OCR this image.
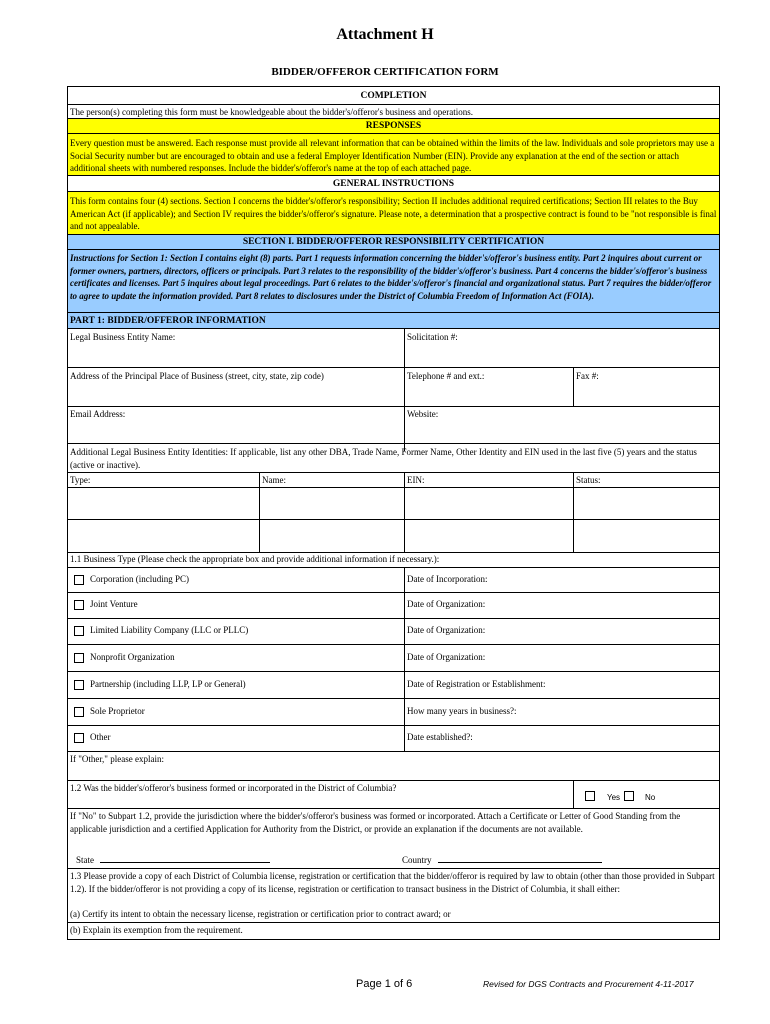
Attachment H
BIDDER/OFFEROR CERTIFICATION FORM
COMPLETION
The person(s) completing this form must be knowledgeable about the bidder's/offeror's business and operations.
RESPONSES
Every question must be answered. Each response must provide all relevant information that can be obtained within the limits of the law. Individuals and sole proprietors may use a Social Security number but are encouraged to obtain and use a federal Employer Identification Number (EIN). Provide any explanation at the end of the section or attach additional sheets with numbered responses. Include the bidder's/offeror's name at the top of each attached page.
GENERAL INSTRUCTIONS
This form contains four (4) sections. Section I concerns the bidder's/offeror's responsibility; Section II includes additional required certifications; Section III relates to the Buy American Act (if applicable); and Section IV requires the bidder's/offeror's signature. Please note, a determination that a prospective contract is found to be "not responsible is final and not appealable.
SECTION I. BIDDER/OFFEROR RESPONSIBILITY CERTIFICATION
Instructions for Section 1: Section I contains eight (8) parts. Part 1 requests information concerning the bidder's/offeror's business entity. Part 2 inquires about current or former owners, partners, directors, officers or principals. Part 3 relates to the responsibility of the bidder's/offeror's business. Part 4 concerns the bidder's/offeror's business certificates and licenses. Part 5 inquires about legal proceedings. Part 6 relates to the bidder's/offeror's financial and organizational status. Part 7 requires the bidder/offeror to agree to update the information provided. Part 8 relates to disclosures under the District of Columbia Freedom of Information Act (FOIA).
PART 1: BIDDER/OFFEROR INFORMATION
Legal Business Entity Name:	Solicitation #:
Address of the Principal Place of Business (street, city, state, zip code)	Telephone # and ext.:	Fax #:
Email Address:	Website:
Additional Legal Business Entity Identities: If applicable, list any other DBA, Trade Name, Former Name, Other Identity and EIN used in the last five (5) years and the status (active or inactive).
Type:	Name:	EIN:	Status:
1.1 Business Type (Please check the appropriate box and provide additional information if necessary.):
If "Other," please explain:
1.2 Was the bidder's/offeror's business formed or incorporated in the District of Columbia?
Yes	No
If "No" to Subpart 1.2, provide the jurisdiction where the bidder's/offeror's business was formed or incorporated. Attach a Certificate or Letter of Good Standing from the applicable jurisdiction and a certified Application for Authority from the District, or provide an explanation if the documents are not available.
State	Country
1.3 Please provide a copy of each District of Columbia license, registration or certification that the bidder/offeror is required by law to obtain (other than those provided in Subpart 1.2). If the bidder/offeror is not providing a copy of its license, registration or certification to transact business in the District of Columbia, it shall either:
(a) Certify its intent to obtain the necessary license, registration or certification prior to contract award; or
(b) Explain its exemption from the requirement.
Corporation (including PC)	Date of Incorporation:
Joint Venture	Date of Organization:
Limited Liability Company (LLC or PLLC)	Date of Organization:
Nonprofit Organization	Date of Organization:
Partnership (including LLP, LP or General)	Date of Registration or Establishment:
Sole Proprietor	How many years in business?:
Other	Date established?:
Page 1 of 6	Revised for DGS Contracts and Procurement 4-11-2017
